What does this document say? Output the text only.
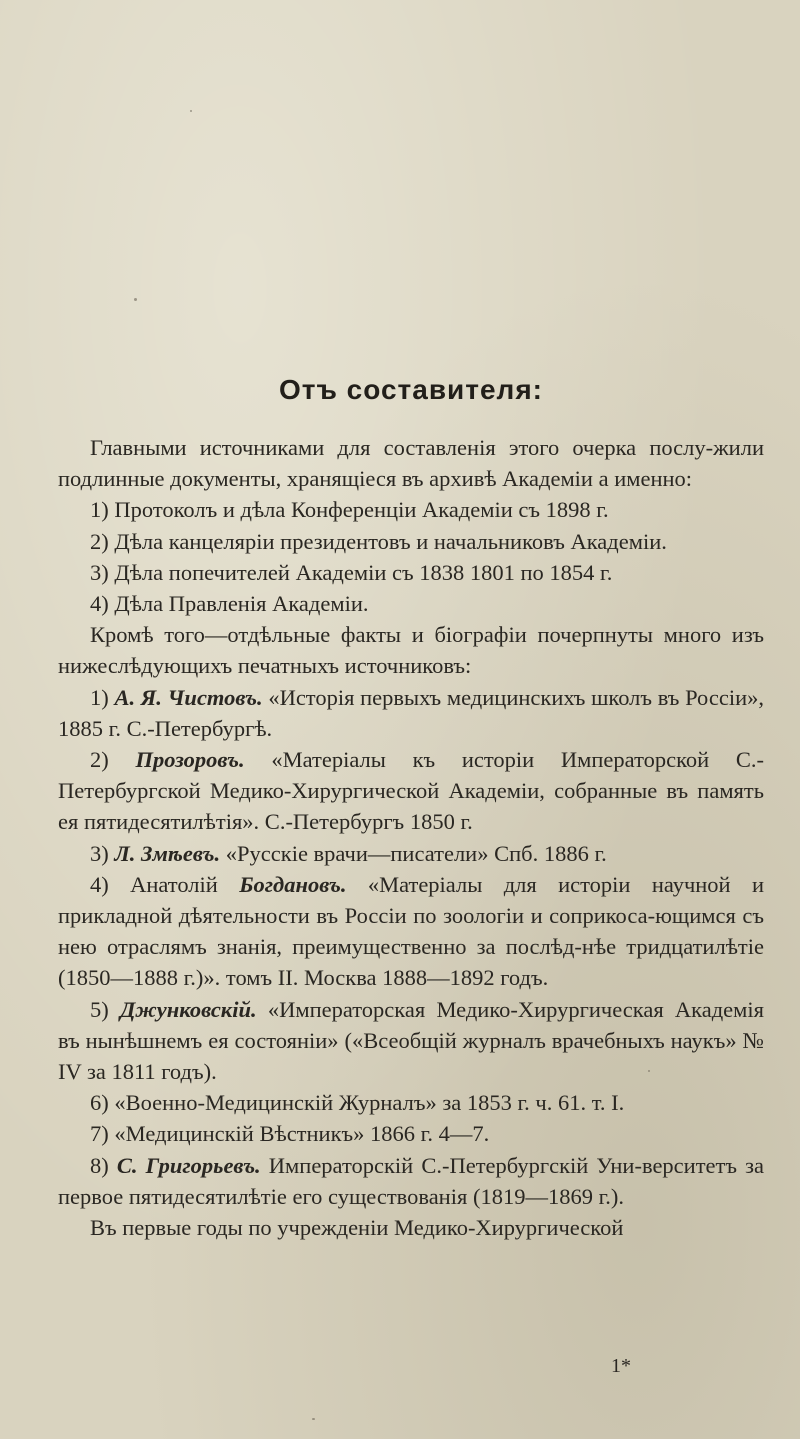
Отъ составителя:

Главными источниками для составленія этого очерка послу-жили подлинные документы, хранящіеся въ архивѣ Академіи а именно:

1) Протоколъ и дѣла Конференціи Академіи съ 1898 г.

2) Дѣла канцеляріи президентовъ и начальниковъ Академіи.

3) Дѣла попечителей Академіи съ 1838 1801 по 1854 г.

4) Дѣла Правленія Академіи.

Кромѣ того—отдѣльные факты и біографіи почерпнуты много изъ нижеслѣдующихъ печатныхъ источниковъ:

1) А. Я. Чистовъ. «Исторія первыхъ медицинскихъ школъ въ Россіи», 1885 г. С.-Петербургѣ.

2) Прозоровъ. «Матеріалы къ исторіи Императорской С.-Петербургской Медико-Хирургической Академіи, собранные въ память ея пятидесятилѣтія». С.-Петербургъ 1850 г.

3) Л. Змѣевъ. «Русскіе врачи—писатели» Спб. 1886 г.

4) Анатолій Богдановъ. «Матеріалы для исторіи научной и прикладной дѣятельности въ Россіи по зоологіи и соприкоса-ющимся съ нею отраслямъ знанія, преимущественно за послѣд-нѣе тридцатилѣтіе (1850—1888 г.)». томъ II. Москва 1888—1892 годъ.

5) Джунковскій. «Императорская Медико-Хирургическая Академія въ нынѣшнемъ ея состояніи» («Всеобщій журналъ врачебныхъ наукъ» № IV за 1811 годъ).

6) «Военно-Медицинскій Журналъ» за 1853 г. ч. 61. т. I.

7) «Медицинскій Вѣстникъ» 1866 г. 4—7.

8) С. Григорьевъ. Императорскій С.-Петербургскій Уни-верситетъ за первое пятидесятилѣтіе его существованія (1819—1869 г.).

Въ первые годы по учрежденіи Медико-Хирургической

1*
